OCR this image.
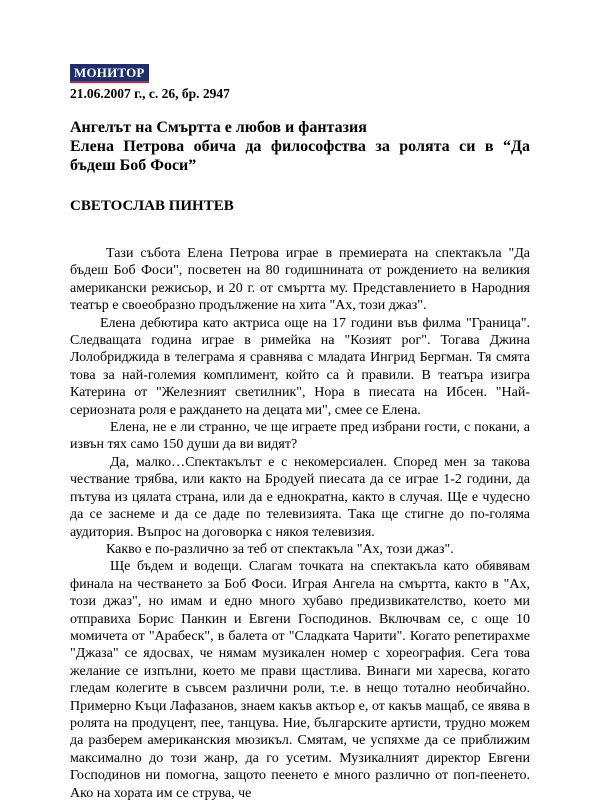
МОНИТОР
21.06.2007 г., с. 26, бр. 2947
Ангелът на Смъртта е любов и фантазия
Елена Петрова обича да философства за ролята си в “Да бъдеш Боб Фоси”
СВЕТОСЛАВ ПИНТЕВ

Тази събота Елена Петрова играе в премиерата на спектакъла "Да бъдеш Боб Фоси", посветен на 80 годишнината от рождението на великия американски режисьор, и 20 г. от смъртта му. Представлението в Народния театър е своеобразно продължение на хита "Ах, този джаз".

Елена дебютира като актриса още на 17 години във филма "Граница". Следващата година играе в римейка на "Козият рог". Тогава Джина Лолобриджида в телеграма я сравнява с младата Ингрид Бергман. Тя смята това за най-големия комплимент, който са ѝ правили. В театъра изигра Катерина от "Железният светилник", Нора в пиесата на Ибсен. "Най-сериозната роля е раждането на децата ми", смее се Елена.

Елена, не е ли странно, че ще играете пред избрани гости, с покани, а извън тях само 150 души да ви видят?

Да, малко…Спектакълът е с некомерсиален. Според мен за такова чествание трябва, или както на Бродуей пиесата да се играе 1-2 години, да пътува из цялата страна, или да е еднократна, както в случая. Ще е чудесно да се заснеме и да се даде по телевизията. Така ще стигне до по-голяма аудитория. Въпрос на договорка с някоя телевизия.

Какво е по-различно за теб от спектакъла "Ах, този джаз".

Ще бъдем и водещи. Слагам точката на спектакъла като обявявам финала на чествaнето за Боб Фоси. Играя Ангела на смъртта, както в "Ах, този джаз", но имам и едно много хубаво предизвикателство, което ми отправиха Борис Панкин и Евгени Господинов. Включвам се, с още 10 момичета от "Арабеск", в балета от "Сладката Чарити". Когато репетирахме "Джаза" се ядосвах, че нямам музикален номер с хореография. Сега това желание се изпълни, което ме прави щастлива. Винаги ми харесва, когато гледам колегите в съвсем различни роли, т.е. в нещо тотално необичайно. Примерно Къци Лафазанов, знаем какъв актьор е, от какъв мащаб, се явява в ролята на продуцент, пее, танцува. Ние, българските артисти, трудно можем да разберем американския мюзикъл. Смятам, че успяхме да се приближим максимално до този жанр, да го усетим. Музикалният директор Евгени Господинов ни помогна, защото пеенето е много различно от поп-пеенето. Ако на хората им се струва, че
